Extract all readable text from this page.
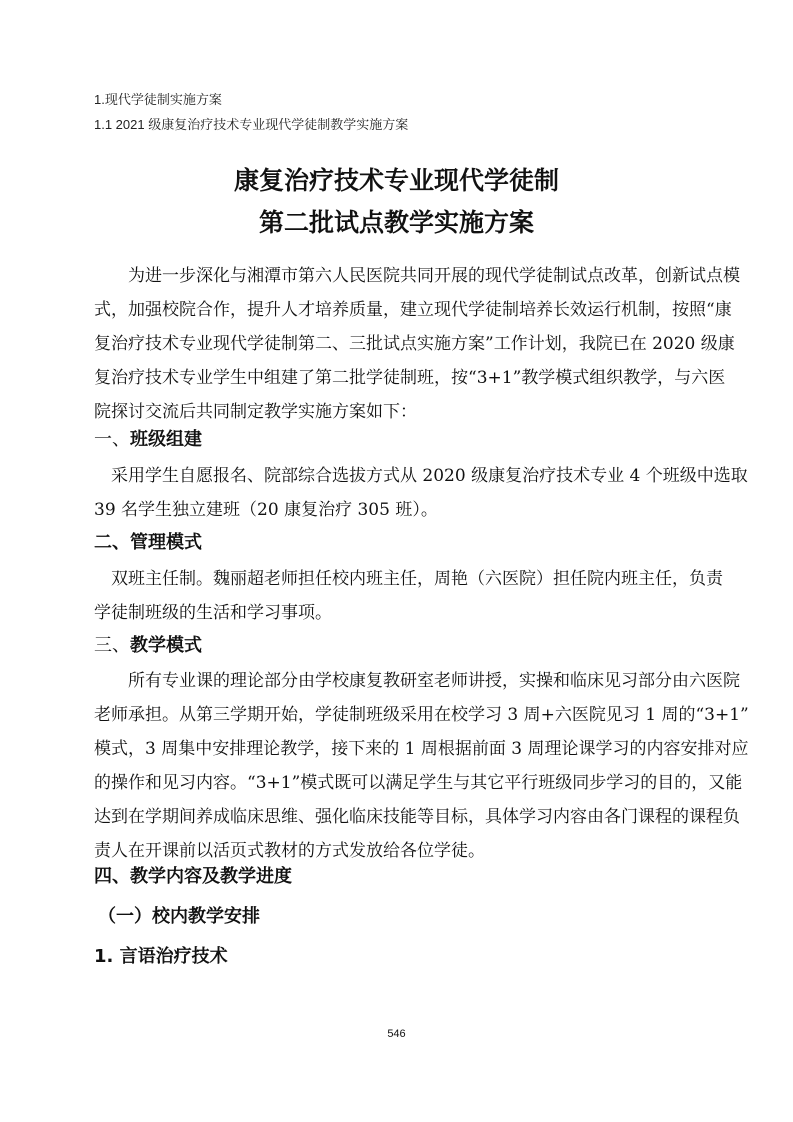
1.现代学徒制实施方案
1.1 2021 级康复治疗技术专业现代学徒制教学实施方案
康复治疗技术专业现代学徒制
第二批试点教学实施方案
　　为进一步深化与湘潭市第六人民医院共同开展的现代学徒制试点改革，创新试点模
式，加强校院合作，提升人才培养质量，建立现代学徒制培养长效运行机制，按照“康
复治疗技术专业现代学徒制第二、三批试点实施方案”工作计划，我院已在 2020 级康
复治疗技术专业学生中组建了第二批学徒制班，按“3+1”教学模式组织教学，与六医
院探讨交流后共同制定教学实施方案如下：
一、班级组建
　采用学生自愿报名、院部综合选拔方式从 2020 级康复治疗技术专业 4 个班级中选取
39 名学生独立建班（20 康复治疗 305 班）。
二、管理模式
　双班主任制。魏丽超老师担任校内班主任，周艳（六医院）担任院内班主任，负责
学徒制班级的生活和学习事项。
三、教学模式
　　所有专业课的理论部分由学校康复教研室老师讲授，实操和临床见习部分由六医院
老师承担。从第三学期开始，学徒制班级采用在校学习 3 周+六医院见习 1 周的“3+1”
模式，3 周集中安排理论教学，接下来的 1 周根据前面 3 周理论课学习的内容安排对应
的操作和见习内容。“3+1”模式既可以满足学生与其它平行班级同步学习的目的，又能
达到在学期间养成临床思维、强化临床技能等目标，具体学习内容由各门课程的课程负
责人在开课前以活页式教材的方式发放给各位学徒。
四、教学内容及教学进度
（一）校内教学安排
1. 言语治疗技术
546
